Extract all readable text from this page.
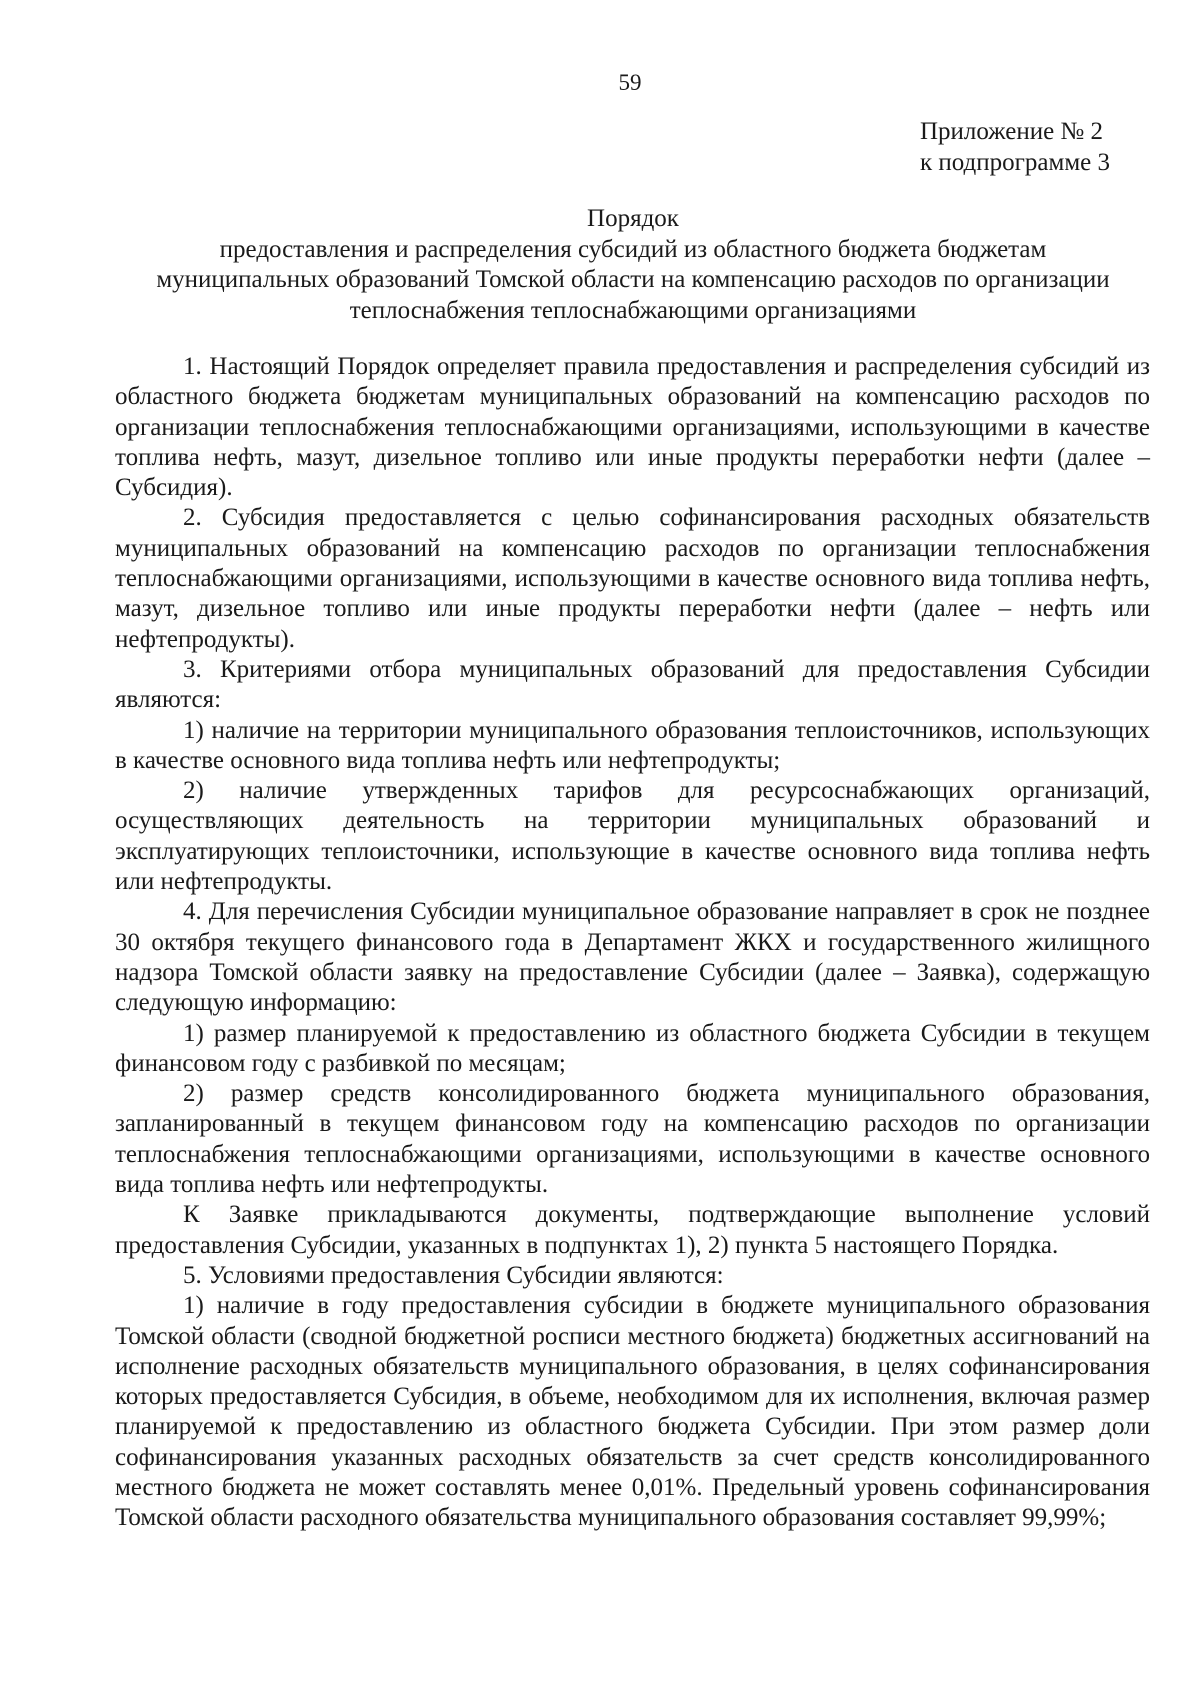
59
Приложение № 2
к подпрограмме 3
Порядок
предоставления и распределения субсидий из областного бюджета бюджетам
муниципальных образований Томской области на компенсацию расходов по организации
теплоснабжения теплоснабжающими организациями

1. Настоящий Порядок определяет правила предоставления и распределения субсидий из областного бюджета бюджетам муниципальных образований на компенсацию расходов по организации теплоснабжения теплоснабжающими организациями, использующими в качестве топлива нефть, мазут, дизельное топливо или иные продукты переработки нефти (далее – Субсидия).

2. Субсидия предоставляется с целью софинансирования расходных обязательств муниципальных образований на компенсацию расходов по организации теплоснабжения теплоснабжающими организациями, использующими в качестве основного вида топлива нефть, мазут, дизельное топливо или иные продукты переработки нефти (далее – нефть или нефтепродукты).

3. Критериями отбора муниципальных образований для предоставления Субсидии являются:

1) наличие на территории муниципального образования теплоисточников, использующих в качестве основного вида топлива нефть или нефтепродукты;

2) наличие утвержденных тарифов для ресурсоснабжающих организаций, осуществляющих деятельность на территории муниципальных образований и эксплуатирующих теплоисточники, использующие в качестве основного вида топлива нефть или нефтепродукты.

4. Для перечисления Субсидии муниципальное образование направляет в срок не позднее 30 октября текущего финансового года в Департамент ЖКХ и государственного жилищного надзора Томской области заявку на предоставление Субсидии (далее – Заявка), содержащую следующую информацию:

1) размер планируемой к предоставлению из областного бюджета Субсидии в текущем финансовом году с разбивкой по месяцам;

2) размер средств консолидированного бюджета муниципального образования, запланированный в текущем финансовом году на компенсацию расходов по организации теплоснабжения теплоснабжающими организациями, использующими в качестве основного вида топлива нефть или нефтепродукты.

К Заявке прикладываются документы, подтверждающие выполнение условий предоставления Субсидии, указанных в подпунктах 1), 2) пункта 5 настоящего Порядка.

5. Условиями предоставления Субсидии являются:

1) наличие в году предоставления субсидии в бюджете муниципального образования Томской области (сводной бюджетной росписи местного бюджета) бюджетных ассигнований на исполнение расходных обязательств муниципального образования, в целях софинансирования которых предоставляется Субсидия, в объеме, необходимом для их исполнения, включая размер планируемой к предоставлению из областного бюджета Субсидии. При этом размер доли софинансирования указанных расходных обязательств за счет средств консолидированного местного бюджета не может составлять менее 0,01%. Предельный уровень софинансирования Томской области расходного обязательства муниципального образования составляет 99,99%;
